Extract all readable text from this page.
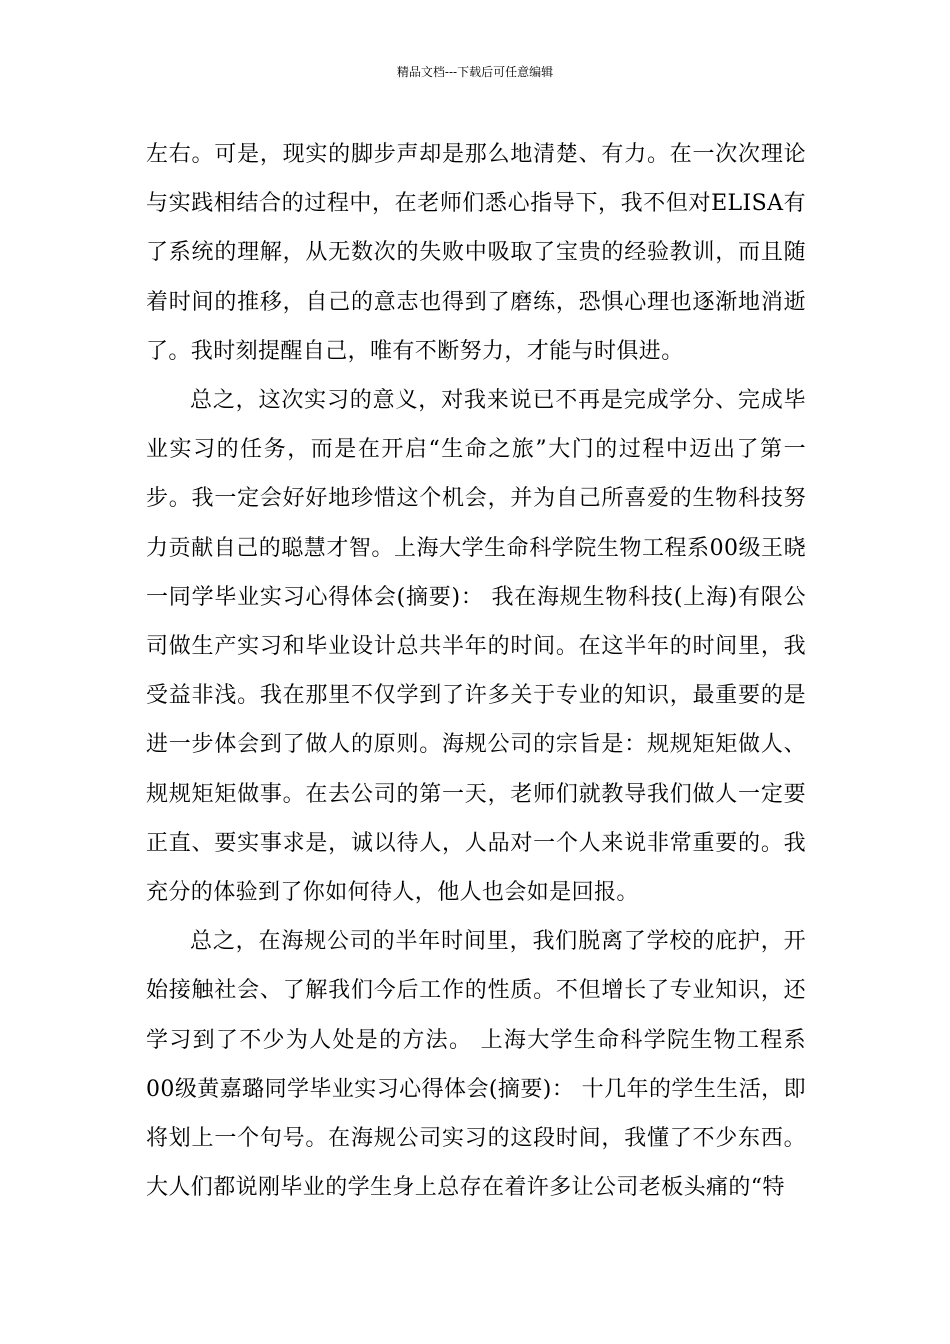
精品文档---下载后可任意编辑

左右。可是，现实的脚步声却是那么地清楚、有力。在一次次理论与实践相结合的过程中，在老师们悉心指导下，我不但对ELISA有了系统的理解，从无数次的失败中吸取了宝贵的经验教训，而且随着时间的推移，自己的意志也得到了磨练，恐惧心理也逐渐地消逝了。我时刻提醒自己，唯有不断努力，才能与时俱进。

总之，这次实习的意义，对我来说已不再是完成学分、完成毕业实习的任务，而是在开启“生命之旅”大门的过程中迈出了第一步。我一定会好好地珍惜这个机会，并为自己所喜爱的生物科技努力贡献自己的聪慧才智。上海大学生命科学院生物工程系00级王晓一同学毕业实习心得体会(摘要)： 我在海规生物科技(上海)有限公司做生产实习和毕业设计总共半年的时间。在这半年的时间里，我受益非浅。我在那里不仅学到了许多关于专业的知识，最重要的是进一步体会到了做人的原则。海规公司的宗旨是：规规矩矩做人、规规矩矩做事。在去公司的第一天，老师们就教导我们做人一定要正直、要实事求是，诚以待人，人品对一个人来说非常重要的。我充分的体验到了你如何待人，他人也会如是回报。

总之，在海规公司的半年时间里，我们脱离了学校的庇护，开始接触社会、了解我们今后工作的性质。不但增长了专业知识，还学习到了不少为人处是的方法。 上海大学生命科学院生物工程系00级黄嘉璐同学毕业实习心得体会(摘要)： 十几年的学生生活，即将划上一个句号。在海规公司实习的这段时间，我懂了不少东西。大人们都说刚毕业的学生身上总存在着许多让公司老板头痛的“特
